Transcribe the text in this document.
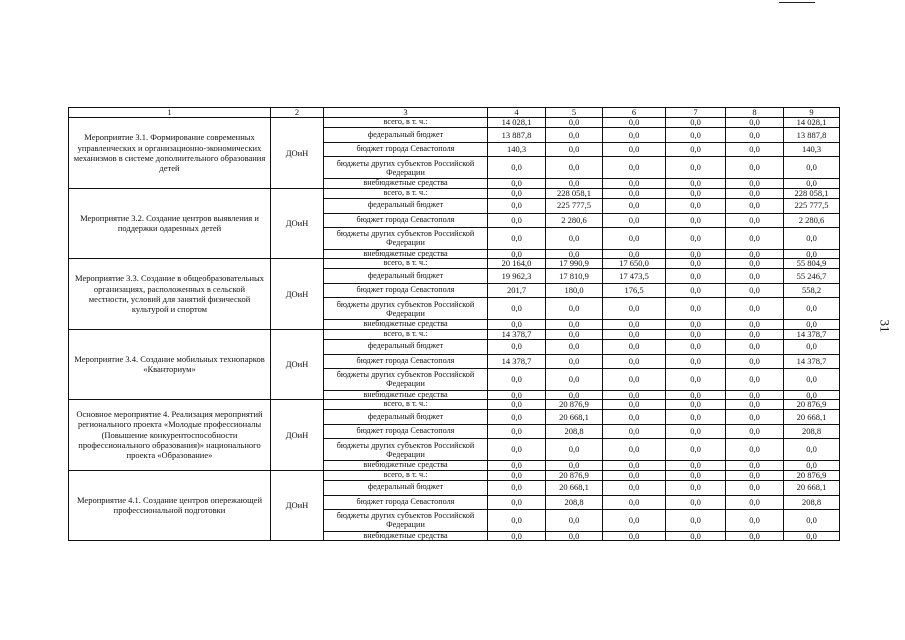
31
1	2	3	4	5	6	7	8	9
Мероприятие 3.1. Формирование современных управленческих и организационно-экономических механизмов в системе дополнительного образования детей	ДОиН	всего, в т. ч.:	14 028,1	0,0	0,0	0,0	0,0	14 028,1
		федеральный бюджет	13 887,8	0,0	0,0	0,0	0,0	13 887,8
		бюджет города Севастополя	140,3	0,0	0,0	0,0	0,0	140,3
		бюджеты других субъектов Российской Федерации	0,0	0,0	0,0	0,0	0,0	0,0
		внебюджетные средства	0,0	0,0	0,0	0,0	0,0	0,0
Мероприятие 3.2. Создание центров выявления и поддержки одаренных детей	ДОиН	всего, в т. ч.:	0,0	228 058,1	0,0	0,0	0,0	228 058,1
		федеральный бюджет	0,0	225 777,5	0,0	0,0	0,0	225 777,5
		бюджет города Севастополя	0,0	2 280,6	0,0	0,0	0,0	2 280,6
		бюджеты других субъектов Российской Федерации	0,0	0,0	0,0	0,0	0,0	0,0
		внебюджетные средства	0,0	0,0	0,0	0,0	0,0	0,0
Мероприятие 3.3. Создание в общеобразовательных организациях, расположенных в сельской местности, условий для занятий физической культурой и спортом	ДОиН	всего, в т. ч.:	20 164,0	17 990,9	17 650,0	0,0	0,0	55 804,9
		федеральный бюджет	19 962,3	17 810,9	17 473,5	0,0	0,0	55 246,7
		бюджет города Севастополя	201,7	180,0	176,5	0,0	0,0	558,2
		бюджеты других субъектов Российской Федерации	0,0	0,0	0,0	0,0	0,0	0,0
		внебюджетные средства	0,0	0,0	0,0	0,0	0,0	0,0
Мероприятие 3.4. Создание мобильных технопарков «Кванториум»	ДОиН	всего, в т. ч.:	14 378,7	0,0	0,0	0,0	0,0	14 378,7
		федеральный бюджет	0,0	0,0	0,0	0,0	0,0	0,0
		бюджет города Севастополя	14 378,7	0,0	0,0	0,0	0,0	14 378,7
		бюджеты других субъектов Российской Федерации	0,0	0,0	0,0	0,0	0,0	0,0
		внебюджетные средства	0,0	0,0	0,0	0,0	0,0	0,0
Основное мероприятие 4. Реализация мероприятий регионального проекта «Молодые профессионалы (Повышение конкурентоспособности профессионального образования)» национального проекта «Образование»	ДОиН	всего, в т. ч.:	0,0	20 876,9	0,0	0,0	0,0	20 876,9
		федеральный бюджет	0,0	20 668,1	0,0	0,0	0,0	20 668,1
		бюджет города Севастополя	0,0	208,8	0,0	0,0	0,0	208,8
		бюджеты других субъектов Российской Федерации	0,0	0,0	0,0	0,0	0,0	0,0
		внебюджетные средства	0,0	0,0	0,0	0,0	0,0	0,0
Мероприятие 4.1. Создание центров опережающей профессиональной подготовки	ДОиН	всего, в т. ч.:	0,0	20 876,9	0,0	0,0	0,0	20 876,9
		федеральный бюджет	0,0	20 668,1	0,0	0,0	0,0	20 668,1
		бюджет города Севастополя	0,0	208,8	0,0	0,0	0,0	208,8
		бюджеты других субъектов Российской Федерации	0,0	0,0	0,0	0,0	0,0	0,0
		внебюджетные средства	0,0	0,0	0,0	0,0	0,0	0,0
